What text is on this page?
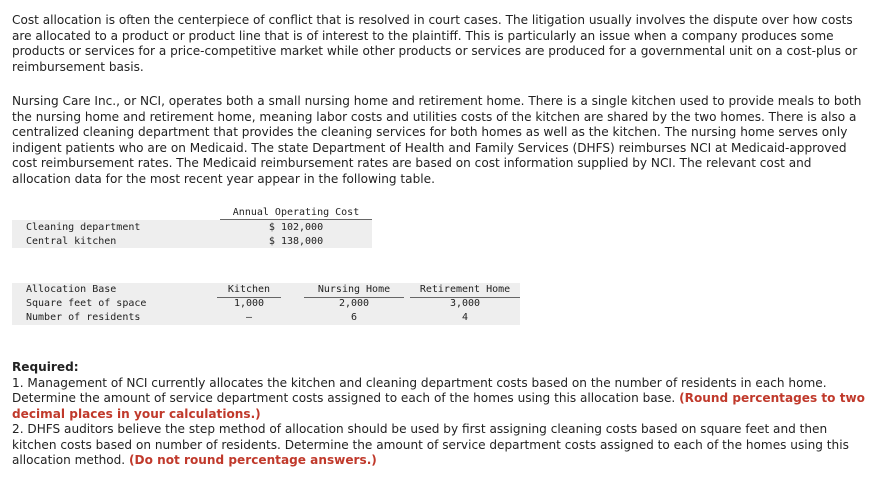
Cost allocation is often the centerpiece of conflict that is resolved in court cases. The litigation usually involves the dispute over how costs are allocated to a product or product line that is of interest to the plaintiff. This is particularly an issue when a company produces some products or services for a price-competitive market while other products or services are produced for a governmental unit on a cost-plus or reimbursement basis.

Nursing Care Inc., or NCI, operates both a small nursing home and retirement home. There is a single kitchen used to provide meals to both the nursing home and retirement home, meaning labor costs and utilities costs of the kitchen are shared by the two homes. There is also a centralized cleaning department that provides the cleaning services for both homes as well as the kitchen. The nursing home serves only indigent patients who are on Medicaid. The state Department of Health and Family Services (DHFS) reimburses NCI at Medicaid-approved cost reimbursement rates. The Medicaid reimbursement rates are based on cost information supplied by NCI. The relevant cost and allocation data for the most recent year appear in the following table.

Annual Operating Cost
Cleaning department	$ 102,000
Central kitchen	$ 138,000
Allocation Base	Kitchen	Nursing Home	Retirement Home
Square feet of space	1,000	2,000	3,000
Number of residents	–	6	4
Required:
1. Management of NCI currently allocates the kitchen and cleaning department costs based on the number of residents in each home. Determine the amount of service department costs assigned to each of the homes using this allocation base. (Round percentages to two decimal places in your calculations.)
2. DHFS auditors believe the step method of allocation should be used by first assigning cleaning costs based on square feet and then kitchen costs based on number of residents. Determine the amount of service department costs assigned to each of the homes using this allocation method. (Do not round percentage answers.)
